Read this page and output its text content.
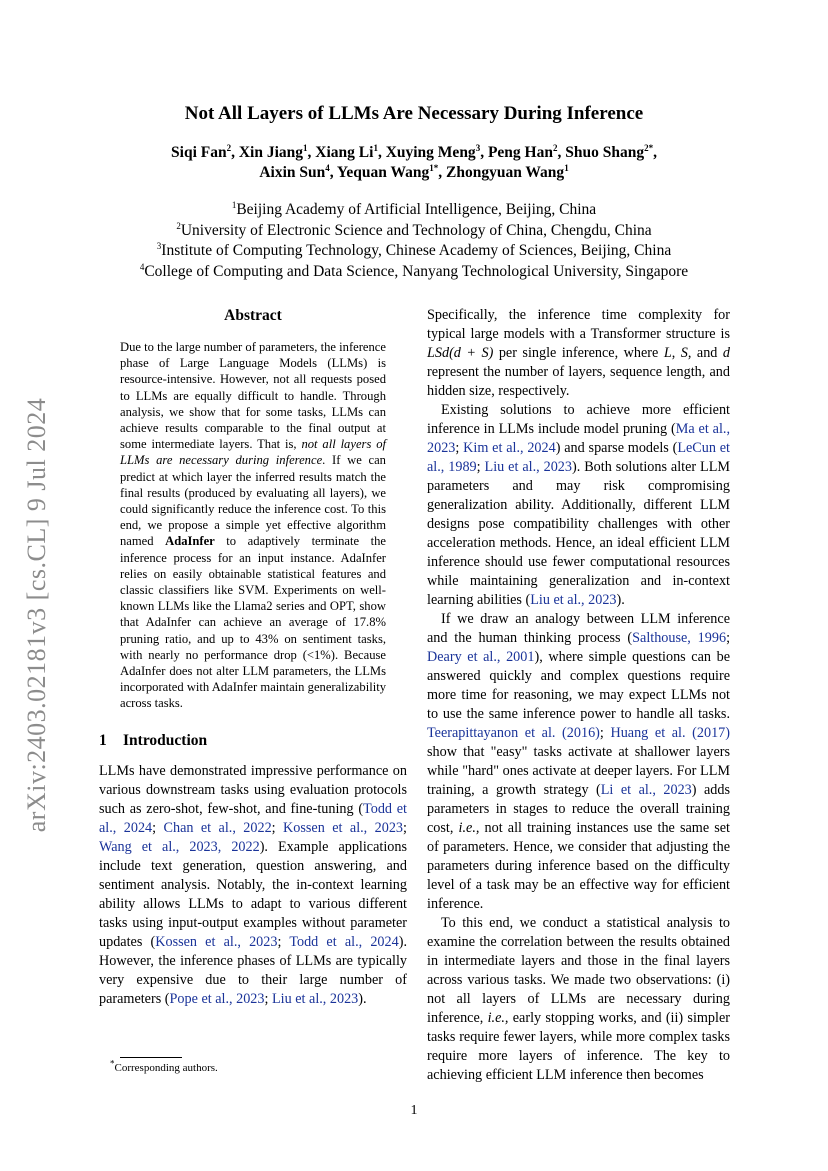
arXiv:2403.02181v3 [cs.CL] 9 Jul 2024
Not All Layers of LLMs Are Necessary During Inference
Siqi Fan$^2$, Xin Jiang$^1$, Xiang Li$^1$, Xuying Meng$^3$, Peng Han$^2$, Shuo Shang$^{2*}$,
Aixin Sun$^4$, Yequan Wang$^{1*}$, Zhongyuan Wang$^1$
$^1$Beijing Academy of Artificial Intelligence, Beijing, China
$^2$University of Electronic Science and Technology of China, Chengdu, China
$^3$Institute of Computing Technology, Chinese Academy of Sciences, Beijing, China
$^4$College of Computing and Data Science, Nanyang Technological University, Singapore
Abstract

Due to the large number of parameters, the inference phase of Large Language Models (LLMs) is resource-intensive. However, not all requests posed to LLMs are equally difficult to handle. Through analysis, we show that for some tasks, LLMs can achieve results comparable to the final output at some intermediate layers. That is, not all layers of LLMs are necessary during inference. If we can predict at which layer the inferred results match the final results (produced by evaluating all layers), we could significantly reduce the inference cost. To this end, we propose a simple yet effective algorithm named AdaInfer to adaptively terminate the inference process for an input instance. AdaInfer relies on easily obtainable statistical features and classic classifiers like SVM. Experiments on well-known LLMs like the Llama2 series and OPT, show that AdaInfer can achieve an average of 17.8% pruning ratio, and up to 43% on sentiment tasks, with nearly no performance drop (<1%). Because AdaInfer does not alter LLM parameters, the LLMs incorporated with AdaInfer maintain generalizability across tasks.

1 Introduction

LLMs have demonstrated impressive performance on various downstream tasks using evaluation protocols such as zero-shot, few-shot, and fine-tuning (Todd et al., 2024; Chan et al., 2022; Kossen et al., 2023; Wang et al., 2023, 2022). Example applications include text generation, question answering, and sentiment analysis. Notably, the in-context learning ability allows LLMs to adapt to various different tasks using input-output examples without parameter updates (Kossen et al., 2023; Todd et al., 2024). However, the inference phases of LLMs are typically very expensive due to their large number of parameters (Pope et al., 2023; Liu et al., 2023).

Specifically, the inference time complexity for typical large models with a Transformer structure is LSd(d + S) per single inference, where L, S, and d represent the number of layers, sequence length, and hidden size, respectively.

Existing solutions to achieve more efficient inference in LLMs include model pruning (Ma et al., 2023; Kim et al., 2024) and sparse models (LeCun et al., 1989; Liu et al., 2023). Both solutions alter LLM parameters and may risk compromising generalization ability. Additionally, different LLM designs pose compatibility challenges with other acceleration methods. Hence, an ideal efficient LLM inference should use fewer computational resources while maintaining generalization and in-context learning abilities (Liu et al., 2023).

If we draw an analogy between LLM inference and the human thinking process (Salthouse, 1996; Deary et al., 2001), where simple questions can be answered quickly and complex questions require more time for reasoning, we may expect LLMs not to use the same inference power to handle all tasks. Teerapittayanon et al. (2016); Huang et al. (2017) show that "easy" tasks activate at shallower layers while "hard" ones activate at deeper layers. For LLM training, a growth strategy (Li et al., 2023) adds parameters in stages to reduce the overall training cost, i.e., not all training instances use the same set of parameters. Hence, we consider that adjusting the parameters during inference based on the difficulty level of a task may be an effective way for efficient inference.

To this end, we conduct a statistical analysis to examine the correlation between the results obtained in intermediate layers and those in the final layers across various tasks. We made two observations: (i) not all layers of LLMs are necessary during inference, i.e., early stopping works, and (ii) simpler tasks require fewer layers, while more complex tasks require more layers of inference. The key to achieving efficient LLM inference then becomes

*Corresponding authors.
1
